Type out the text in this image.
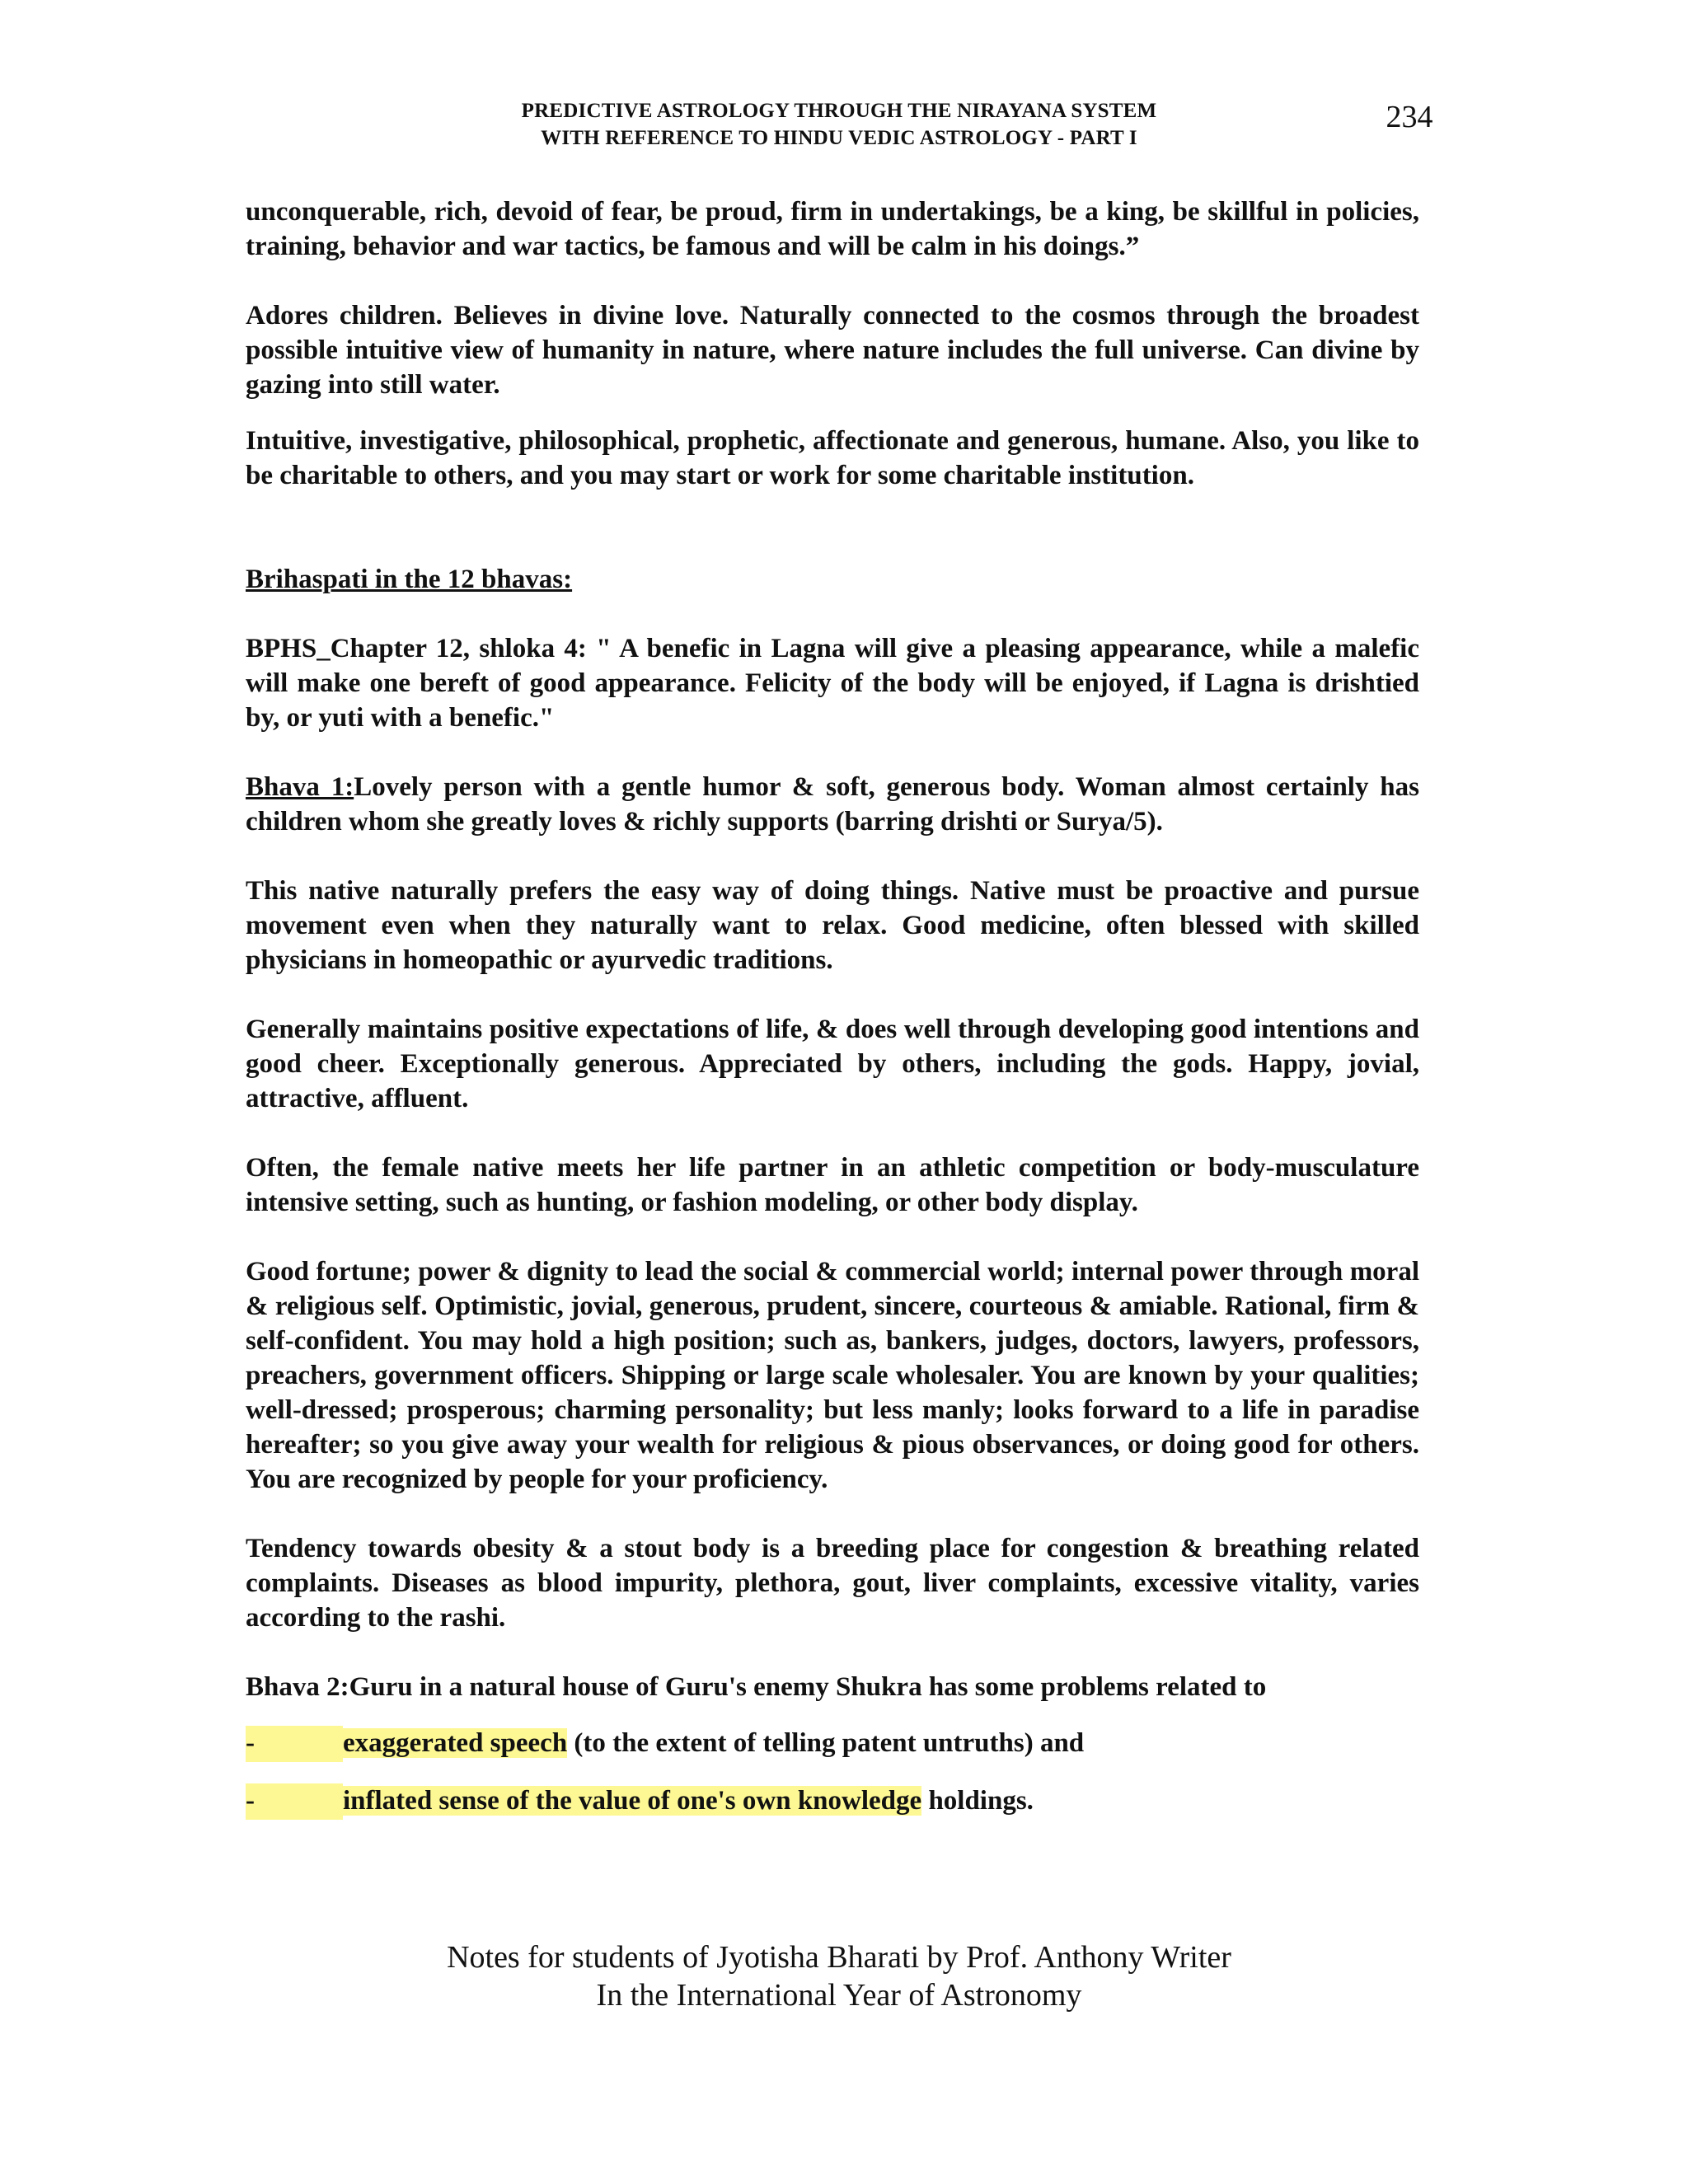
PREDICTIVE ASTROLOGY THROUGH THE NIRAYANA SYSTEM
WITH REFERENCE TO HINDU VEDIC ASTROLOGY - PART I
234

unconquerable, rich, devoid of fear, be proud, firm in undertakings, be a king, be skillful in policies, training, behavior and war tactics, be famous and will be calm in his doings.”

Adores children. Believes in divine love. Naturally connected to the cosmos through the broadest possible intuitive view of humanity in nature, where nature includes the full universe. Can divine by gazing into still water.

Intuitive, investigative, philosophical, prophetic, affectionate and generous, humane. Also, you like to be charitable to others, and you may start or work for some charitable institution.

Brihaspati in the 12 bhavas:

BPHS_Chapter 12, shloka 4: " A benefic in Lagna will give a pleasing appearance, while a malefic will make one bereft of good appearance. Felicity of the body will be enjoyed, if Lagna is drishtied by, or yuti with a benefic."

Bhava 1:Lovely person with a gentle humor & soft, generous body. Woman almost certainly has children whom she greatly loves & richly supports (barring drishti or Surya/5).

This native naturally prefers the easy way of doing things. Native must be proactive and pursue movement even when they naturally want to relax. Good medicine, often blessed with skilled physicians in homeopathic or ayurvedic traditions.

Generally maintains positive expectations of life, & does well through developing good intentions and good cheer. Exceptionally generous. Appreciated by others, including the gods. Happy, jovial, attractive, affluent.

Often, the female native meets her life partner in an athletic competition or body-musculature intensive setting, such as hunting, or fashion modeling, or other body display.

Good fortune; power & dignity to lead the social & commercial world; internal power through moral & religious self. Optimistic, jovial, generous, prudent, sincere, courteous & amiable. Rational, firm & self-confident. You may hold a high position; such as, bankers, judges, doctors, lawyers, professors, preachers, government officers. Shipping or large scale wholesaler. You are known by your qualities; well-dressed; prosperous; charming personality; but less manly; looks forward to a life in paradise hereafter; so you give away your wealth for religious & pious observances, or doing good for others. You are recognized by people for your proficiency.

Tendency towards obesity & a stout body is a breeding place for congestion & breathing related complaints. Diseases as blood impurity, plethora, gout, liver complaints, excessive vitality, varies according to the rashi.

Bhava 2:Guru in a natural house of Guru's enemy Shukra has some problems related to

-	exaggerated speech (to the extent of telling patent untruths) and
-	inflated sense of the value of one's own knowledge holdings.
Notes for students of Jyotisha Bharati by Prof. Anthony Writer
In the International Year of Astronomy
